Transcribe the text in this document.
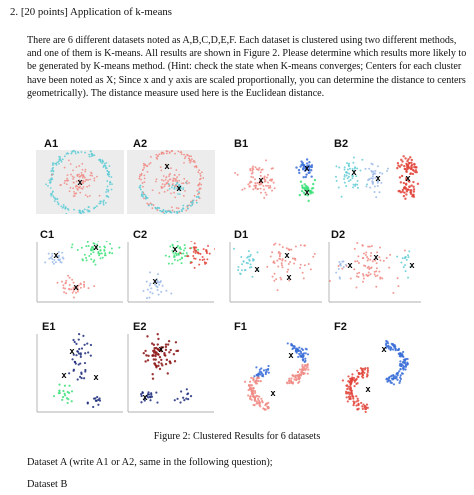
2. [20 points] Application of k-means
There are 6 different datasets noted as A,B,C,D,E,F. Each dataset is clustered using two different methods, and one of them is K-means. All results are shown in Figure 2. Please determine which results more likely to be generated by K-means method. (Hint: check the state when K-means converges; Centers for each cluster have been noted as X; Since x and y axis are scaled proportionally, you can determine the distance to centers geometrically). The distance measure used here is the Euclidean distance.
A1	A2	B1	B2
C1	C2	D1	D2
E1	E2	F1	F2
x
x
x
x
x
x
x
x	x
x
x
x
x
x
x
x
x
x
x
x
x
x	x
x
x
x
x
x
x
Figure 2: Clustered Results for 6 datasets
Dataset A (write A1 or A2, same in the following question);
Dataset B
